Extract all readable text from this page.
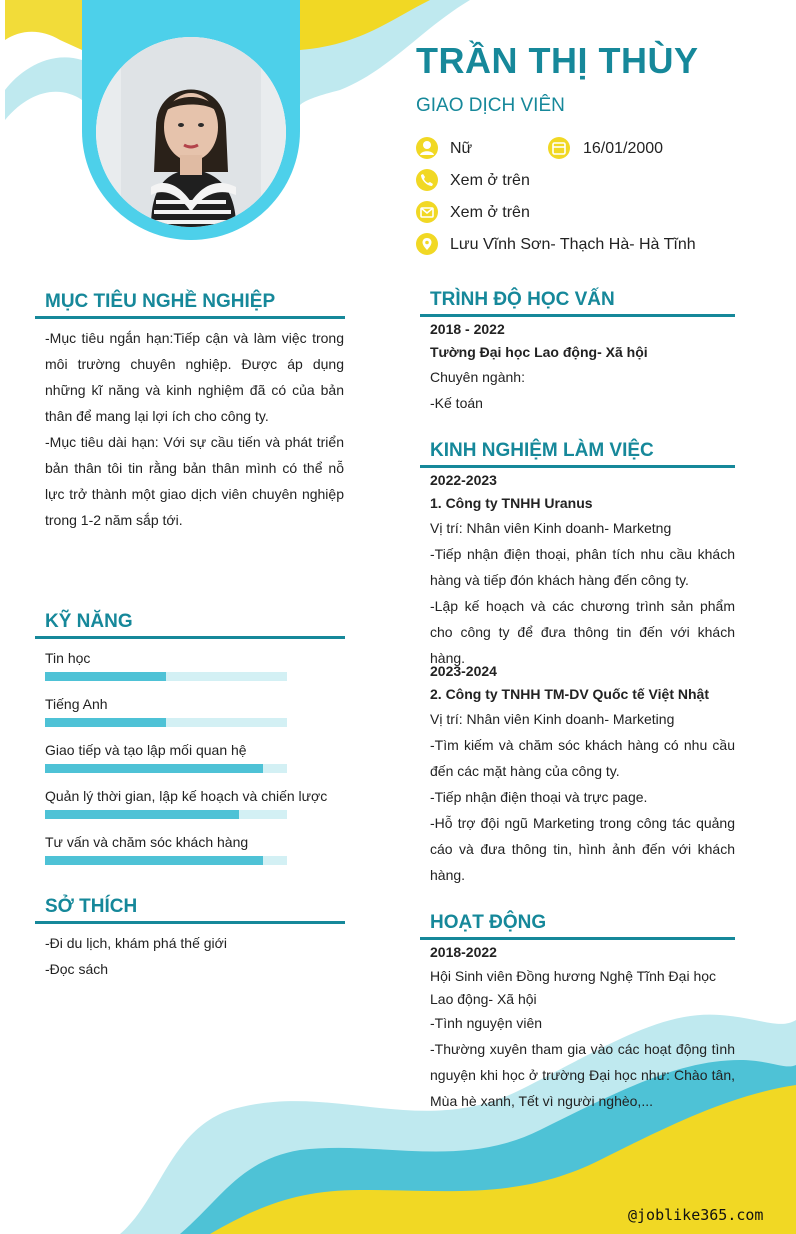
TRẦN THỊ THÙY
GIAO DỊCH VIÊN
Nữ	16/01/2000
Xem ở trên
Xem ở trên
Lưu Vĩnh Sơn- Thạch Hà- Hà Tĩnh
MỤC TIÊU NGHỀ NGHIỆP

-Mục tiêu ngắn hạn:Tiếp cận và làm việc trong môi trường chuyên nghiệp. Được áp dụng những kĩ năng và kinh nghiệm đã có của bản thân để mang lại lợi ích cho công ty.

-Mục tiêu dài hạn: Với sự cầu tiến và phát triển bản thân tôi tin rằng bản thân mình có thể nỗ lực trở thành một giao dịch viên chuyên nghiệp trong 1-2 năm sắp tới.

KỸ NĂNG
Tin học
Tiếng Anh
Giao tiếp và tạo lập mối quan hệ
Quản lý thời gian, lập kế hoạch và chiến lược
Tư vấn và chăm sóc khách hàng
SỞ THÍCH
-Đi du lịch, khám phá thế giới
-Đọc sách
TRÌNH ĐỘ HỌC VẤN
2018 - 2022
Tường Đại học Lao động- Xã hội
Chuyên ngành:
-Kế toán
KINH NGHIỆM LÀM VIỆC
2022-2023
1. Công ty TNHH Uranus
Vị trí: Nhân viên Kinh doanh- Marketng

-Tiếp nhận điện thoại, phân tích nhu cầu khách hàng và tiếp đón khách hàng đến công ty.

-Lập kế hoạch và các chương trình sản phẩm cho công ty để đưa thông tin đến với khách hàng.

2023-2024
2. Công ty TNHH TM-DV Quốc tế Việt Nhật
Vị trí: Nhân viên Kinh doanh- Marketing

-Tìm kiếm và chăm sóc khách hàng có nhu cầu đến các mặt hàng của công ty.

-Tiếp nhận điện thoại và trực page.

-Hỗ trợ đội ngũ Marketing trong công tác quảng cáo và đưa thông tin, hình ảnh đến với khách hàng.

HOẠT ĐỘNG
2018-2022
Hội Sinh viên Đồng hương Nghệ Tĩnh Đại học Lao động- Xã hội
-Tình nguyện viên

-Thường xuyên tham gia vào các hoạt động tình nguyện khi học ở trường Đại học như: Chào tân, Mùa hè xanh, Tết vì người nghèo,...

@joblike365.com
